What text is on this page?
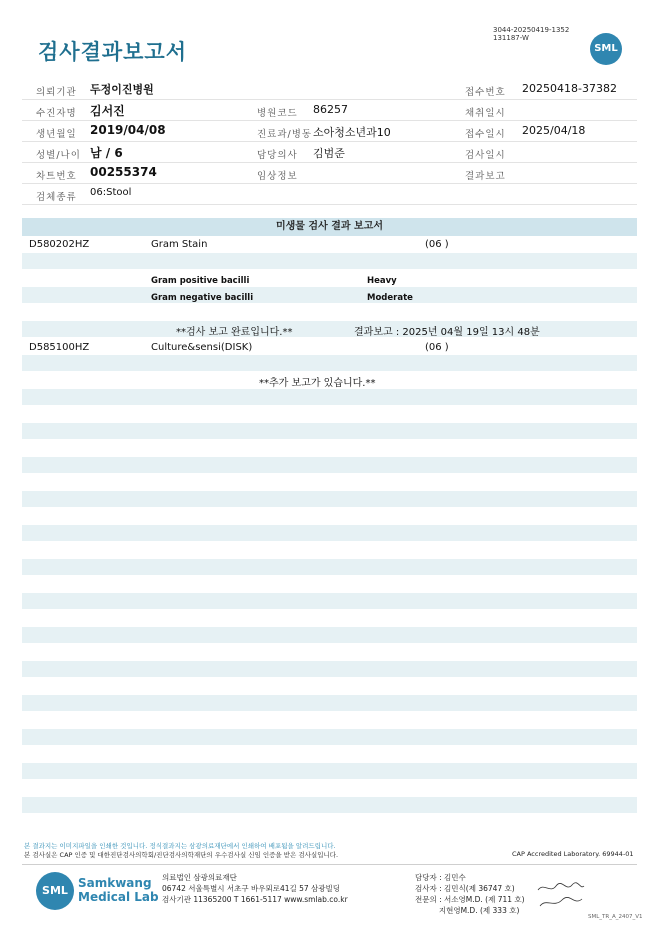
검사결과보고서
3044-20250419-1352
131187-W
SML
의뢰기관 두정이진병원	접수번호 20250418-37382
수진자명 김서진	병원코드 86257	채취일시
생년월일 2019/04/08	진료과/병동 소아청소년과10	접수일시 2025/04/18
성별/나이 남 / 6	담당의사 김범준	검사일시
차트번호 00255374	임상정보	결과보고
검체종류 06:Stool
미생물 검사 결과 보고서
D580202HZ	Gram Stain	(06 )
Gram positive bacilli	Heavy
Gram negative bacilli	Moderate
**검사 보고 완료입니다.**	결과보고 : 2025년 04월 19일 13시 48분
D585100HZ	Culture&sensi(DISK)	(06 )
**추가 보고가 있습니다.**
본 결과지는 이미지파일을 인쇄한 것입니다. 정식결과지는 삼광의료재단에서 인쇄하여 배포됨을 알려드립니다.
본 검사실은 CAP 인증 및 대한진단검사의학회/진단검사의학재단의 우수검사실 신임 인증을 받은 검사실입니다.	CAP Accredited Laboratory. 69944-01
SML
Samkwang
Medical Lab
의료법인 삼광의료재단
06742 서울특별시 서초구 바우뫼로41길 57 삼광빌딩
검사기관 11365200 T 1661-5117 www.smlab.co.kr
담당자 : 김민수
검사자 : 김민식(제 36747 호)
전문의 : 서소영M.D. (제 711 호)
지현영M.D. (제 333 호)
SML_TR_A_2407_V1
